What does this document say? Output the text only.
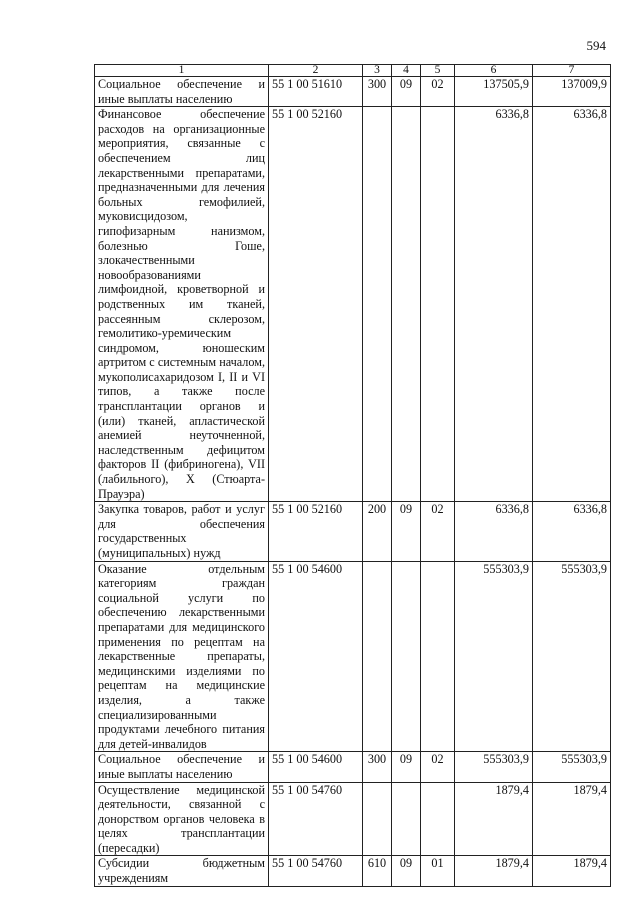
594
1	2	3	4	5	6	7
Социальное обеспечение и иные выплаты населению	55 1 00 51610	300	09	02	137505,9	137009,9
Финансовое обеспечение расходов на организационные мероприятия, связанные с обеспечением лиц лекарственными препаратами, предназначенными для лечения больных гемофилией, муковисцидозом, гипофизарным нанизмом, болезнью Гоше, злокачественными новообразованиями лимфоидной, кроветворной и родственных им тканей, рассеянным склерозом, гемолитико-уремическим синдромом, юношеским артритом с системным началом, мукополисахаридозом I, II и VI типов, а также после трансплантации органов и (или) тканей, апластической анемией неуточненной, наследственным дефицитом факторов II (фибриногена), VII (лабильного), X (Стюарта-Прауэра)	55 1 00 52160				6336,8	6336,8
Закупка товаров, работ и услуг для обеспечения государственных (муниципальных) нужд	55 1 00 52160	200	09	02	6336,8	6336,8
Оказание отдельным категориям граждан социальной услуги по обеспечению лекарственными препаратами для медицинского применения по рецептам на лекарственные препараты, медицинскими изделиями по рецептам на медицинские изделия, а также специализированными продуктами лечебного питания для детей-инвалидов	55 1 00 54600				555303,9	555303,9
Социальное обеспечение и иные выплаты населению	55 1 00 54600	300	09	02	555303,9	555303,9
Осуществление медицинской деятельности, связанной с донорством органов человека в целях трансплантации (пересадки)	55 1 00 54760				1879,4	1879,4
Субсидии бюджетным учреждениям	55 1 00 54760	610	09	01	1879,4	1879,4
